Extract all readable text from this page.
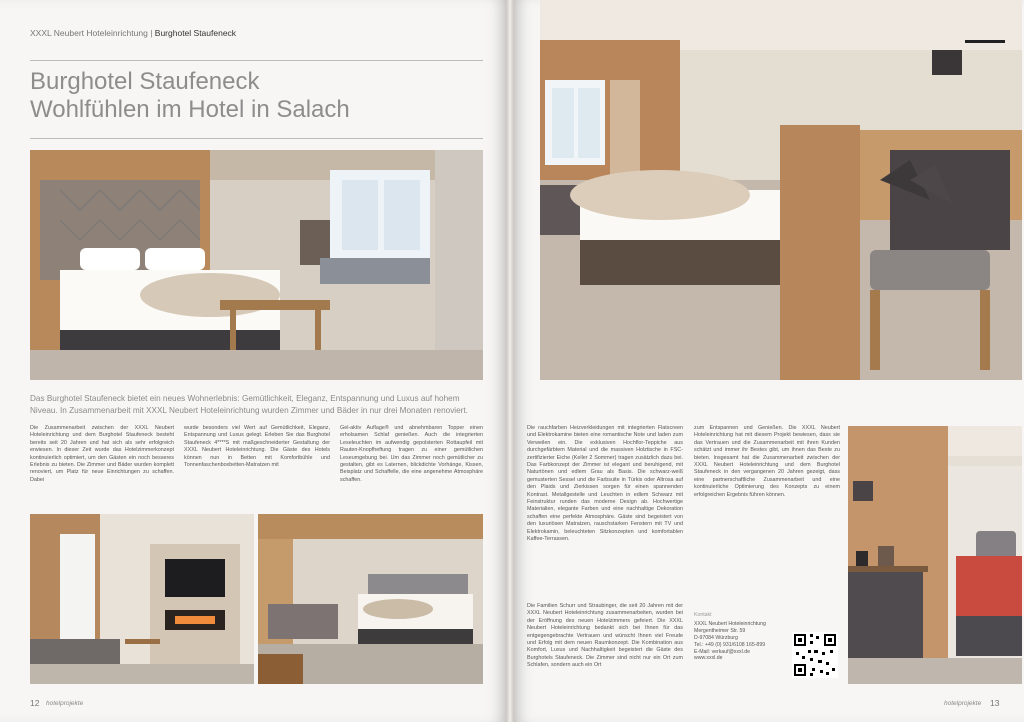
XXXL Neubert Hoteleinrichtung | Burghotel Staufeneck
Burghotel Staufeneck
Wohlfühlen im Hotel in Salach
Das Burghotel Staufeneck bietet ein neues Wohnerlebnis: Gemütlichkeit, Eleganz, Entspannung und Luxus auf hohem Niveau. In Zusammenarbeit mit XXXL Neubert Hoteleinrichtung wurden Zimmer und Bäder in nur drei Monaten renoviert.
Die Zusammenarbeit zwischen der XXXL Neubert Hoteleinrichtung und dem Burghotel Staufeneck besteht bereits seit 20 Jahren und hat sich als sehr erfolgreich erwiesen. In dieser Zeit wurde das Hotelzimmerkonzept kontinuierlich optimiert, um den Gästen ein noch besseres Erlebnis zu bieten. Die Zimmer und Bäder wurden komplett renoviert, um Platz für neue Einrichtungen zu schaffen. Dabei
wurde besonders viel Wert auf Gemütlichkeit, Eleganz, Entspannung und Luxus gelegt. Erleben Sie das Burghotel Staufeneck 4****S mit maßgeschneiderter Gestaltung der XXXL Neubert Hoteleinrichtung. Die Gäste des Hotels können nun in Betten mit Komfortbühle und Tonnenfaschenboxbetten-Matratzen mit
Gel-aktiv Auflage® und abnehmbaren Topper einen erholsamen Schlaf genießen. Auch die integrierten Leseleuchten im aufwendig gepolsterten Rottaupfeil mit Rauten-Knopfheftung tragen zu einer gemütlichen Leseumgebung bei. Um das Zimmer noch gemütlicher zu gestalten, gibt es Laternen, blickdichte Vorhänge, Kissen, Beisplatz und Schaffelle, die eine angenehme Atmosphäre schaffen.
12 hotelprojekte
Die rauchfarben Heizverkleidungen mit integrierten Flatscreen und Elektrokamine bieten eine romantische Note und laden zum Verweilen ein. Die exklusiven Hochflor-Teppiche aus durchgefärbtem Material und die massiven Holztische in FSC-zertifizierter Eiche (Keller 2 Sommer) tragen zusätzlich dazu bei. Das Farbkonzept der Zimmer ist elegant und beruhigend, mit Naturtönen und edlem Grau als Basis. Die schwarz-weiß gemusterten Sessel und die Farbsuite in Türkis oder Altrosa auf den Plaids und Zierkissen sorgen für einen spannenden Kontrast. Metallgestelle und Leuchten in edlem Schwarz mit Feinstruktur runden das moderne Design ab. Hochwertige Materialien, elegante Farben und eine nachhaltige Dekoration schaffen eine perfekte Atmosphäre. Gäste sind begeistert von den luxuriösen Matratzen, rauschstarken Fenstern mit TV und Elektrokamin, beleuchteten Sitzkonzepten und komfortablen Kaffee-Terrassen.
Die Familien Schurr und Straubinger, die seit 20 Jahren mit der XXXL Neubert Hoteleinrichtung zusammenarbeiten, wurden bei der Eröffnung des neuen Hotelzimmers gefeiert. Die XXXL Neubert Hoteleinrichtung bedankt sich bei Ihnen für das entgegengebrachte Vertrauen und wünscht Ihnen viel Freude und Erfolg mit dem neuen Raumkonzept. Die Kombination aus Komfort, Luxus und Nachhaltigkeit begeistert die Gäste des Burghotels Staufeneck. Die Zimmer sind nicht nur ein Ort zum Schlafen, sondern auch ein Ort
zum Entspannen und Genießen. Die XXXL Neubert Hoteleinrichtung hat mit diesem Projekt bewiesen, dass sie das Vertrauen und die Zusammenarbeit mit ihren Kunden schätzt und immer ihr Bestes gibt, um ihnen das Beste zu bieten. Insgesamt hat die Zusammenarbeit zwischen der XXXL Neubert Hoteleinrichtung und dem Burghotel Staufeneck in den vergangenen 20 Jahren gezeigt, dass eine partnerschaftliche Zusammenarbeit und eine kontinuierliche Optimierung des Konzepts zu einem erfolgreichen Ergebnis führen können.
Kontakt
XXXL Neubert Hoteleinrichtung
Mergentheimer Str. 59
D-97084 Würzburg
Tel.: +49 (0) 931/6108 165-899
E-Mail: verkauf@xxxl.de
www.xxxl.de
13
hotelprojekte
